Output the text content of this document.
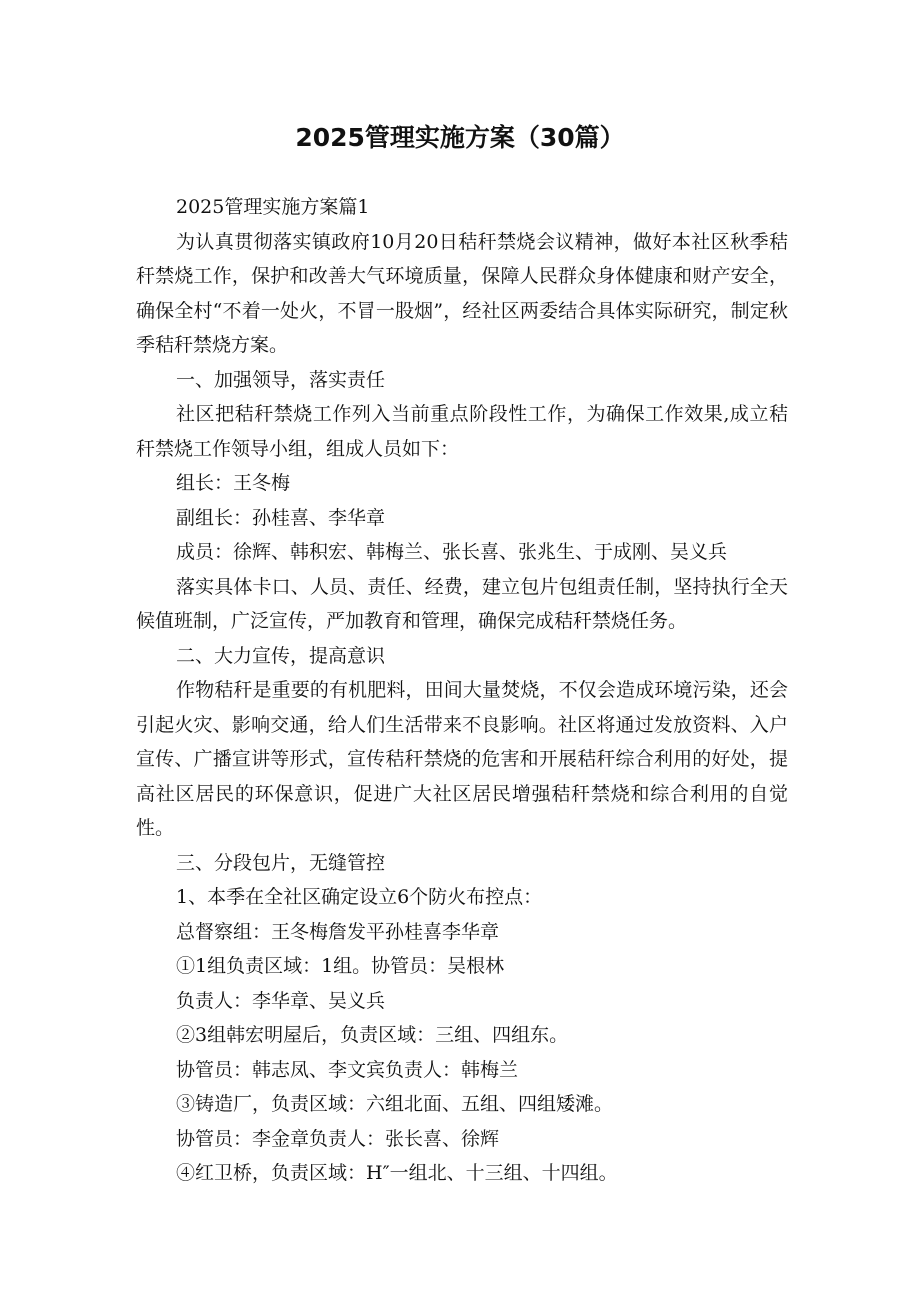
2025管理实施方案（30篇）

2025管理实施方案篇1

为认真贯彻落实镇政府10月20日秸秆禁烧会议精神，做好本社区秋季秸秆禁烧工作，保护和改善大气环境质量，保障人民群众身体健康和财产安全，确保全村“不着一处火，不冒一股烟”，经社区两委结合具体实际研究，制定秋季秸秆禁烧方案。

一、加强领导，落实责任

社区把秸秆禁烧工作列入当前重点阶段性工作，为确保工作效果,成立秸秆禁烧工作领导小组，组成人员如下：

组长：王冬梅

副组长：孙桂喜、李华章

成员：徐辉、韩积宏、韩梅兰、张长喜、张兆生、于成刚、吴义兵

落实具体卡口、人员、责任、经费，建立包片包组责任制，坚持执行全天候值班制，广泛宣传，严加教育和管理，确保完成秸秆禁烧任务。

二、大力宣传，提高意识

作物秸秆是重要的有机肥料，田间大量焚烧，不仅会造成环境污染，还会引起火灾、影响交通，给人们生活带来不良影响。社区将通过发放资料、入户宣传、广播宣讲等形式，宣传秸秆禁烧的危害和开展秸秆综合利用的好处，提高社区居民的环保意识，促进广大社区居民增强秸秆禁烧和综合利用的自觉性。

三、分段包片，无缝管控

1、本季在全社区确定设立6个防火布控点：

总督察组：王冬梅詹发平孙桂喜李华章

①1组负责区域：1组。协管员：吴根林

负责人：李华章、吴义兵

②3组韩宏明屋后，负责区域：三组、四组东。

协管员：韩志凤、李文宾负责人：韩梅兰

③铸造厂，负责区域：六组北面、五组、四组矮滩。

协管员：李金章负责人：张长喜、徐辉

④红卫桥，负责区域：H″一组北、十三组、十四组。
